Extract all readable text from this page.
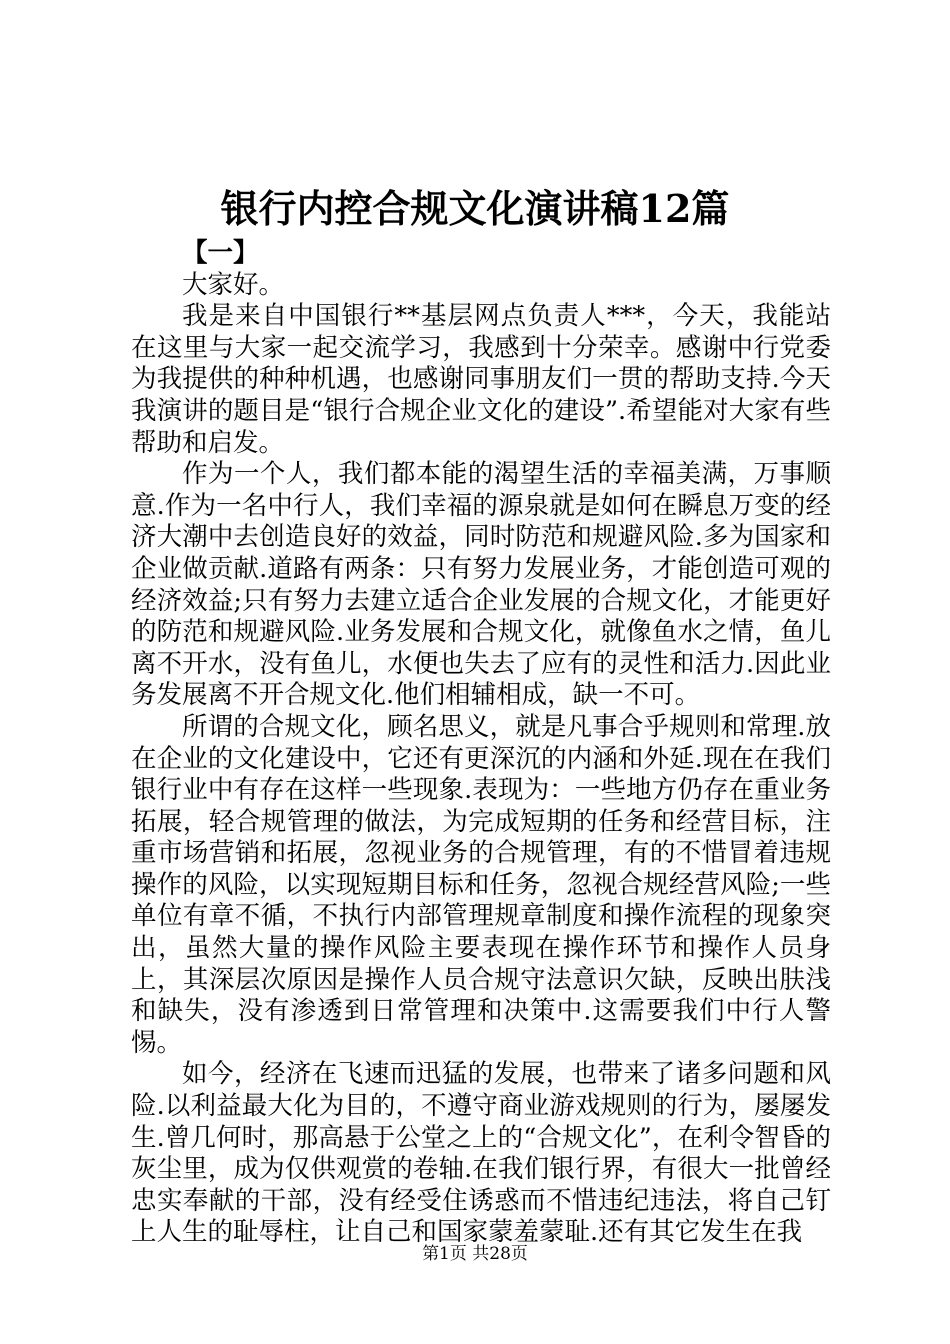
银行内控合规文化演讲稿12篇

【一】

大家好。

我是来自中国银行**基层网点负责人***，今天，我能站在这里与大家一起交流学习，我感到十分荣幸。感谢中行党委为我提供的种种机遇，也感谢同事朋友们一贯的帮助支持.今天我演讲的题目是“银行合规企业文化的建设”.希望能对大家有些帮助和启发。

作为一个人，我们都本能的渴望生活的幸福美满，万事顺意.作为一名中行人，我们幸福的源泉就是如何在瞬息万变的经济大潮中去创造良好的效益，同时防范和规避风险.多为国家和企业做贡献.道路有两条：只有努力发展业务，才能创造可观的经济效益;只有努力去建立适合企业发展的合规文化，才能更好的防范和规避风险.业务发展和合规文化，就像鱼水之情，鱼儿离不开水，没有鱼儿，水便也失去了应有的灵性和活力.因此业务发展离不开合规文化.他们相辅相成，缺一不可。

所谓的合规文化，顾名思义，就是凡事合乎规则和常理.放在企业的文化建设中，它还有更深沉的内涵和外延.现在在我们银行业中有存在这样一些现象.表现为：一些地方仍存在重业务拓展，轻合规管理的做法，为完成短期的任务和经营目标，注重市场营销和拓展，忽视业务的合规管理，有的不惜冒着违规操作的风险，以实现短期目标和任务，忽视合规经营风险;一些单位有章不循，不执行内部管理规章制度和操作流程的现象突出，虽然大量的操作风险主要表现在操作环节和操作人员身上，其深层次原因是操作人员合规守法意识欠缺，反映出肤浅和缺失，没有渗透到日常管理和决策中.这需要我们中行人警惕。

如今，经济在飞速而迅猛的发展，也带来了诸多问题和风险.以利益最大化为目的，不遵守商业游戏规则的行为，屡屡发生.曾几何时，那高悬于公堂之上的“合规文化”，在利令智昏的灰尘里，成为仅供观赏的卷轴.在我们银行界，有很大一批曾经忠实奉献的干部，没有经受住诱惑而不惜违纪违法，将自己钉上人生的耻辱柱，让自己和国家蒙羞蒙耻.还有其它发生在我

第1页 共28页
